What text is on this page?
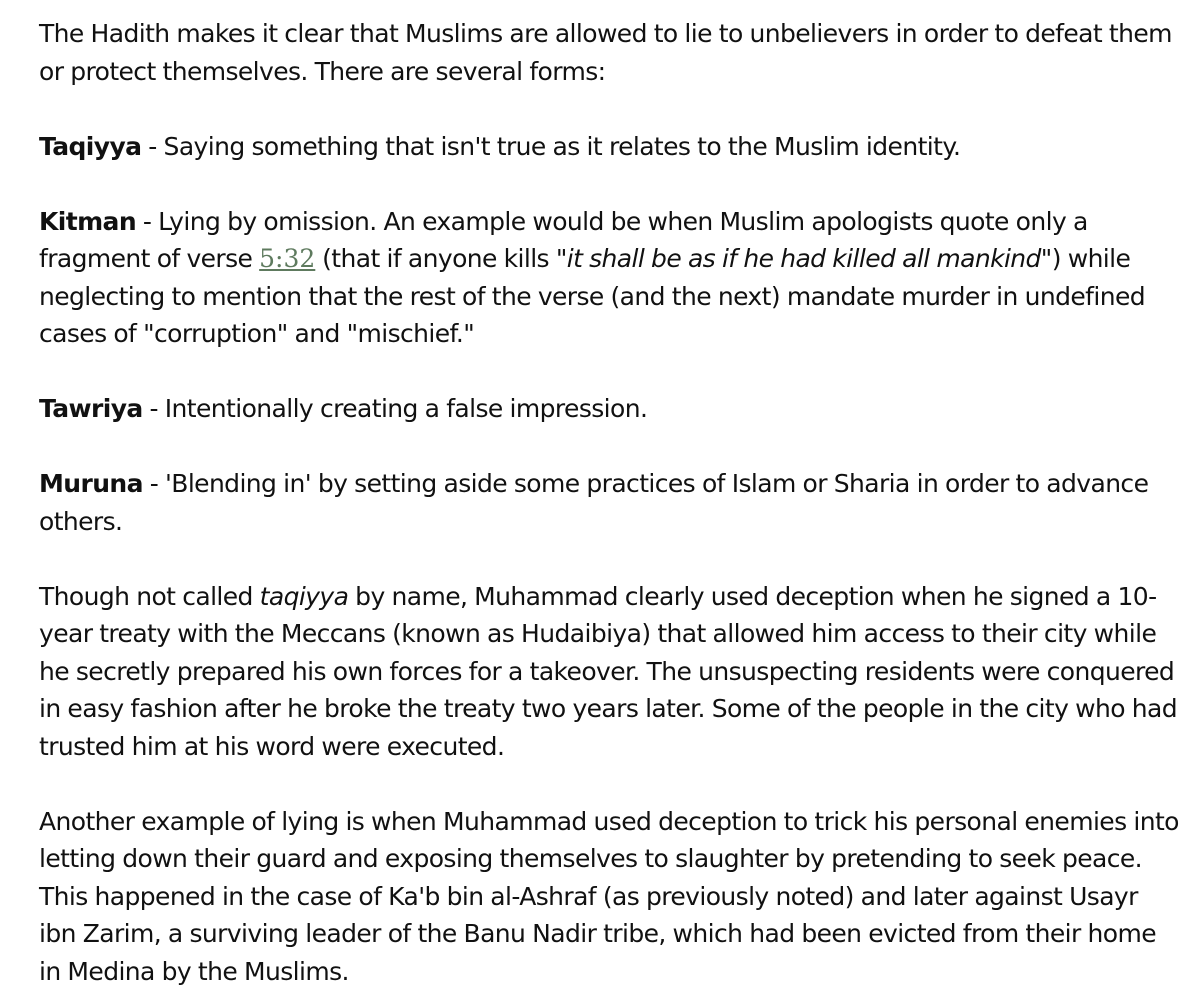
The Hadith makes it clear that Muslims are allowed to lie to unbelievers in order to defeat them or protect themselves. There are several forms:

Taqiyya - Saying something that isn't true as it relates to the Muslim identity.

Kitman - Lying by omission. An example would be when Muslim apologists quote only a fragment of verse 5:32 (that if anyone kills "it shall be as if he had killed all mankind") while neglecting to mention that the rest of the verse (and the next) mandate murder in undefined cases of "corruption" and "mischief."

Tawriya - Intentionally creating a false impression.

Muruna - 'Blending in' by setting aside some practices of Islam or Sharia in order to advance others.

Though not called taqiyya by name, Muhammad clearly used deception when he signed a 10-year treaty with the Meccans (known as Hudaibiya) that allowed him access to their city while he secretly prepared his own forces for a takeover. The unsuspecting residents were conquered in easy fashion after he broke the treaty two years later. Some of the people in the city who had trusted him at his word were executed.

Another example of lying is when Muhammad used deception to trick his personal enemies into letting down their guard and exposing themselves to slaughter by pretending to seek peace. This happened in the case of Ka'b bin al-Ashraf (as previously noted) and later against Usayr ibn Zarim, a surviving leader of the Banu Nadir tribe, which had been evicted from their home in Medina by the Muslims.
